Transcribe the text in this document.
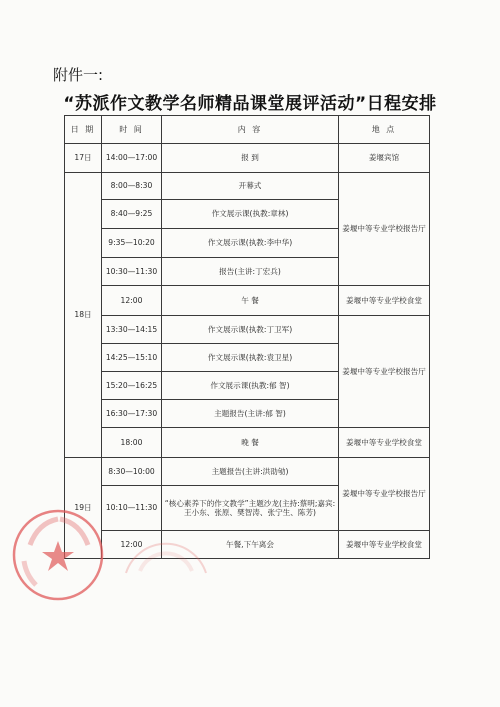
附件一:
“苏派作文教学名师精品课堂展评活动”日程安排
日 期	时 间	内 容	地 点
17日	14:00—17:00	报 到	姜堰宾馆
18日	8:00—8:30	开幕式	姜堰中等专业学校报告厅
	8:40—9:25	作文展示课(执教:章林)	
	9:35—10:20	作文展示课(执教:李中华)	
	10:30—11:30	报告(主讲:丁宏兵)	
	12:00	午 餐	姜堰中等专业学校食堂
	13:30—14:15	作文展示课(执教:丁卫军)	姜堰中等专业学校报告厅
	14:25—15:10	作文展示课(执教:袁卫星)	
	15:20—16:25	作文展示课(执教:郁 智)	
	16:30—17:30	主题报告(主讲:郁 智)	
	18:00	晚 餐	姜堰中等专业学校食堂
19日	8:30—10:00	主题报告(主讲:洪劭劬)	姜堰中等专业学校报告厅
	10:10—11:30	“核心素养下的作文教学”主题沙龙(主持:蔡明;嘉宾:王小东、张原、樊智涛、张宁生、陈芳)	
	12:00	午餐,下午离会	姜堰中等专业学校食堂
